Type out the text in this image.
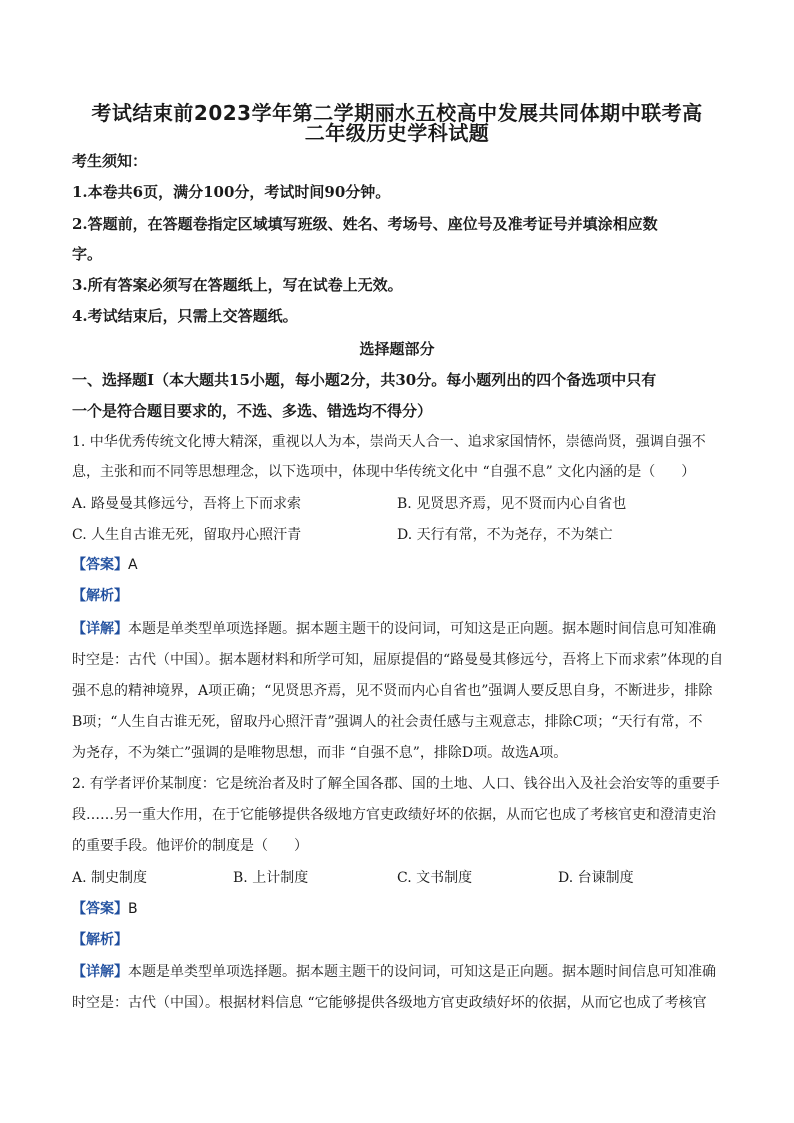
考试结束前2023学年第二学期丽水五校高中发展共同体期中联考高
二年级历史学科试题
考生须知：
1.本卷共6页，满分100分，考试时间90分钟。
2.答题前，在答题卷指定区域填写班级、姓名、考场号、座位号及准考证号并填涂相应数
字。
3.所有答案必须写在答题纸上，写在试卷上无效。
4.考试结束后，只需上交答题纸。
选择题部分
一、选择题Ⅰ（本大题共15小题，每小题2分，共30分。每小题列出的四个备选项中只有
一个是符合题目要求的，不选、多选、错选均不得分）
1. 中华优秀传统文化博大精深，重视以人为本，崇尚天人合一、追求家国情怀，崇德尚贤，强调自强不
息，主张和而不同等思想理念，以下选项中，体现中华传统文化中 “自强不息” 文化内涵的是（ ）
A. 路曼曼其修远兮，吾将上下而求索	B. 见贤思齐焉，见不贤而内心自省也
C. 人生自古谁无死，留取丹心照汗青	D. 天行有常，不为尧存，不为桀亡
【答案】A
【解析】
【详解】本题是单类型单项选择题。据本题主题干的设问词，可知这是正向题。据本题时间信息可知准确
时空是：古代（中国）。据本题材料和所学可知，屈原提倡的“路曼曼其修远兮，吾将上下而求索”体现的自
强不息的精神境界，A项正确；“见贤思齐焉，见不贤而内心自省也”强调人要反思自身，不断进步，排除
B项；“人生自古谁无死，留取丹心照汗青”强调人的社会责任感与主观意志，排除C项；“天行有常，不
为尧存，不为桀亡”强调的是唯物思想，而非 “自强不息”，排除D项。故选A项。
2. 有学者评价某制度：它是统治者及时了解全国各郡、国的土地、人口、钱谷出入及社会治安等的重要手
段……另一重大作用，在于它能够提供各级地方官吏政绩好坏的依据，从而它也成了考核官吏和澄清吏治
的重要手段。他评价的制度是（ ）
A. 制史制度	B. 上计制度	C. 文书制度	D. 台谏制度
【答案】B
【解析】
【详解】本题是单类型单项选择题。据本题主题干的设问词，可知这是正向题。据本题时间信息可知准确
时空是：古代（中国）。根据材料信息 “它能够提供各级地方官吏政绩好坏的依据，从而它也成了考核官
